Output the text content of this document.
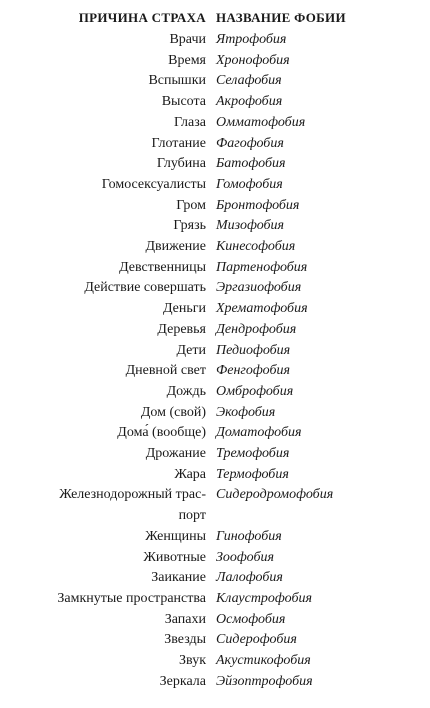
ПРИЧИНА СТРАХА НАЗВАНИЕ ФОБИИ
Врачи Ятрофобия
Время Хронофобия
Вспышки Селафобия
Высота Акрофобия
Глаза Омматофобия
Глотание Фагофобия
Глубина Батофобия
Гомосексуалисты Гомофобия
Гром Бронтофобия
Грязь Мизофобия
Движение Кинесофобия
Девственницы Партенофобия
Действие совершать Эргазиофобия
Деньги Хрематофобия
Деревья Дендрофобия
Дети Педиофобия
Дневной свет Фенгофобия
Дождь Омброфобия
Дом (свой) Экофобия
Дома́ (вообще) Доматофобия
Дрожание Тремофобия
Жара Термофобия
Железнодорожный трас- порт
Сидеродромофобия
Женщины Гинофобия
Животные Зоофобия
Заикание Лалофобия
Замкнутые пространства Клаустрофобия
Запахи Осмофобия
Звезды Сидерофобия
Звук Акустикофобия
Зеркала Эйзоптрофобия
